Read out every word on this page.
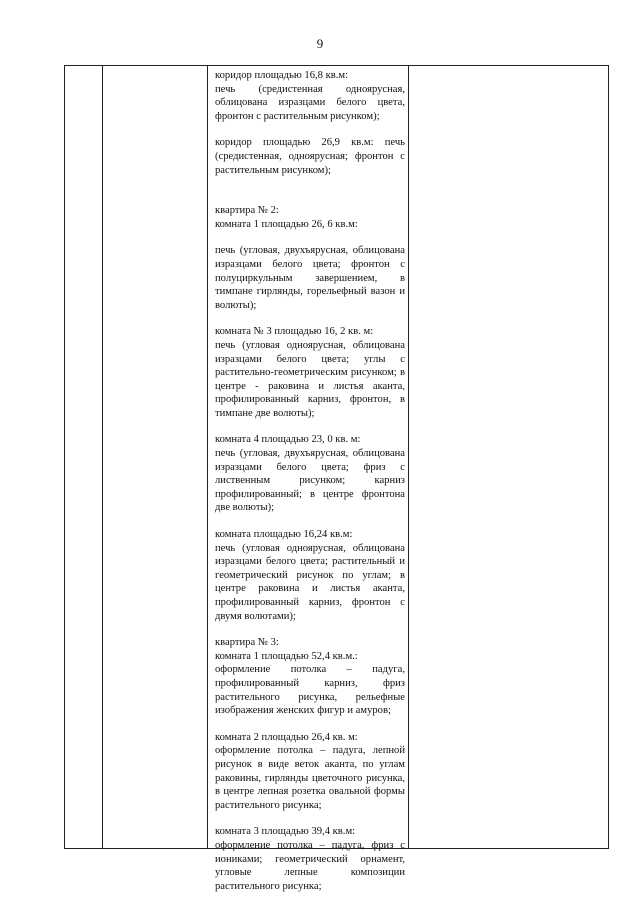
9

коридор площадью 16,8 кв.м:

печь (средистенная одноярусная, облицована изразцами белого цвета, фронтон с растительным рисунком);

коридор площадью 26,9 кв.м: печь (средистенная, одноярусная; фронтон с растительным рисунком);

квартира № 2:

комната 1 площадью 26, 6 кв.м:

печь (угловая, двухъярусная, облицована изразцами белого цвета; фронтон с полуциркульным завершением, в тимпане гирлянды, горельефный вазон и волюты);

комната № 3 площадью 16, 2 кв. м:

печь (угловая одноярусная, облицована изразцами белого цвета; углы с растительно-геометрическим рисунком; в центре - раковина и листья аканта, профилированный карниз, фронтон, в тимпане две волюты);

комната 4 площадью 23, 0 кв. м:

печь (угловая, двухъярусная, облицована изразцами белого цвета; фриз с лиственным рисунком; карниз профилированный; в центре фронтона две волюты);

комната площадью 16,24 кв.м:

печь (угловая одноярусная, облицована изразцами белого цвета; растительный и геометрический рисунок по углам; в центре раковина и листья аканта, профилированный карниз, фронтон с двумя волютами);

квартира № 3:

комната 1 площадью 52,4 кв.м.:

оформление потолка – падуга, профилированный карниз, фриз растительного рисунка, рельефные изображения женских фигур и амуров;

комната 2 площадью 26,4 кв. м:

оформление потолка – падуга, лепной рисунок в виде веток аканта, по углам раковины, гирлянды цветочного рисунка, в центре лепная розетка овальной формы растительного рисунка;

комната 3 площадью 39,4 кв.м:

оформление потолка – падуга, фриз с иониками; геометрический орнамент, угловые лепные композиции растительного рисунка;
